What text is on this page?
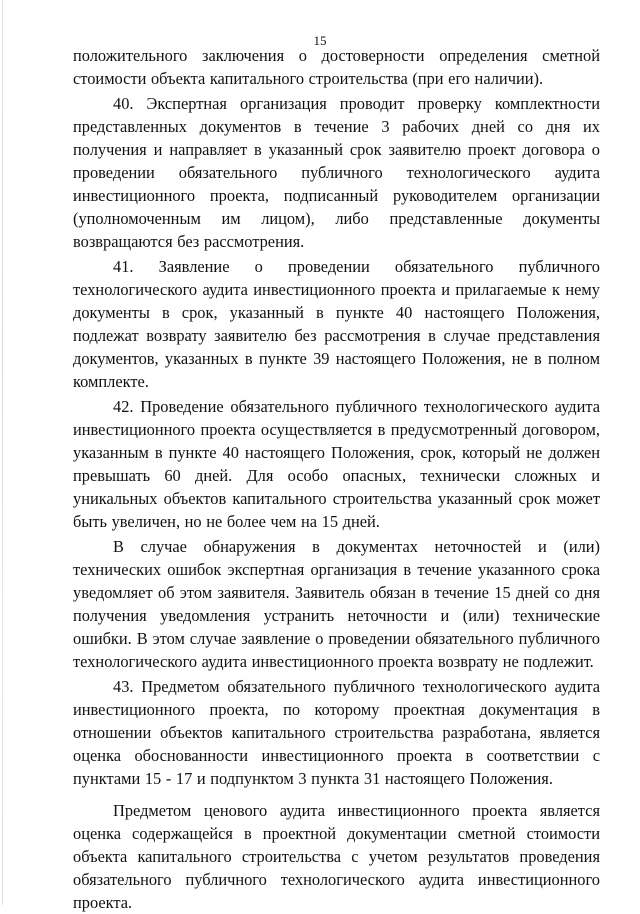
15

положительного заключения о достоверности определения сметной стоимости объекта капитального строительства (при его наличии).

40. Экспертная организация проводит проверку комплектности представленных документов в течение 3 рабочих дней со дня их получения и направляет в указанный срок заявителю проект договора о проведении обязательного публичного технологического аудита инвестиционного проекта, подписанный руководителем организации (уполномоченным им лицом), либо представленные документы возвращаются без рассмотрения.

41. Заявление о проведении обязательного публичного технологического аудита инвестиционного проекта и прилагаемые к нему документы в срок, указанный в пункте 40 настоящего Положения, подлежат возврату заявителю без рассмотрения в случае представления документов, указанных в пункте 39 настоящего Положения, не в полном комплекте.

42. Проведение обязательного публичного технологического аудита инвестиционного проекта осуществляется в предусмотренный договором, указанным в пункте 40 настоящего Положения, срок, который не должен превышать 60 дней. Для особо опасных, технически сложных и уникальных объектов капитального строительства указанный срок может быть увеличен, но не более чем на 15 дней.

В случае обнаружения в документах неточностей и (или) технических ошибок экспертная организация в течение указанного срока уведомляет об этом заявителя. Заявитель обязан в течение 15 дней со дня получения уведомления устранить неточности и (или) технические ошибки. В этом случае заявление о проведении обязательного публичного технологического аудита инвестиционного проекта возврату не подлежит.

43. Предметом обязательного публичного технологического аудита инвестиционного проекта, по которому проектная документация в отношении объектов капитального строительства разработана, является оценка обоснованности инвестиционного проекта в соответствии с пунктами 15 - 17 и подпунктом 3 пункта 31 настоящего Положения.

Предметом ценового аудита инвестиционного проекта является оценка содержащейся в проектной документации сметной стоимости объекта капитального строительства с учетом результатов проведения обязательного публичного технологического аудита инвестиционного проекта.
